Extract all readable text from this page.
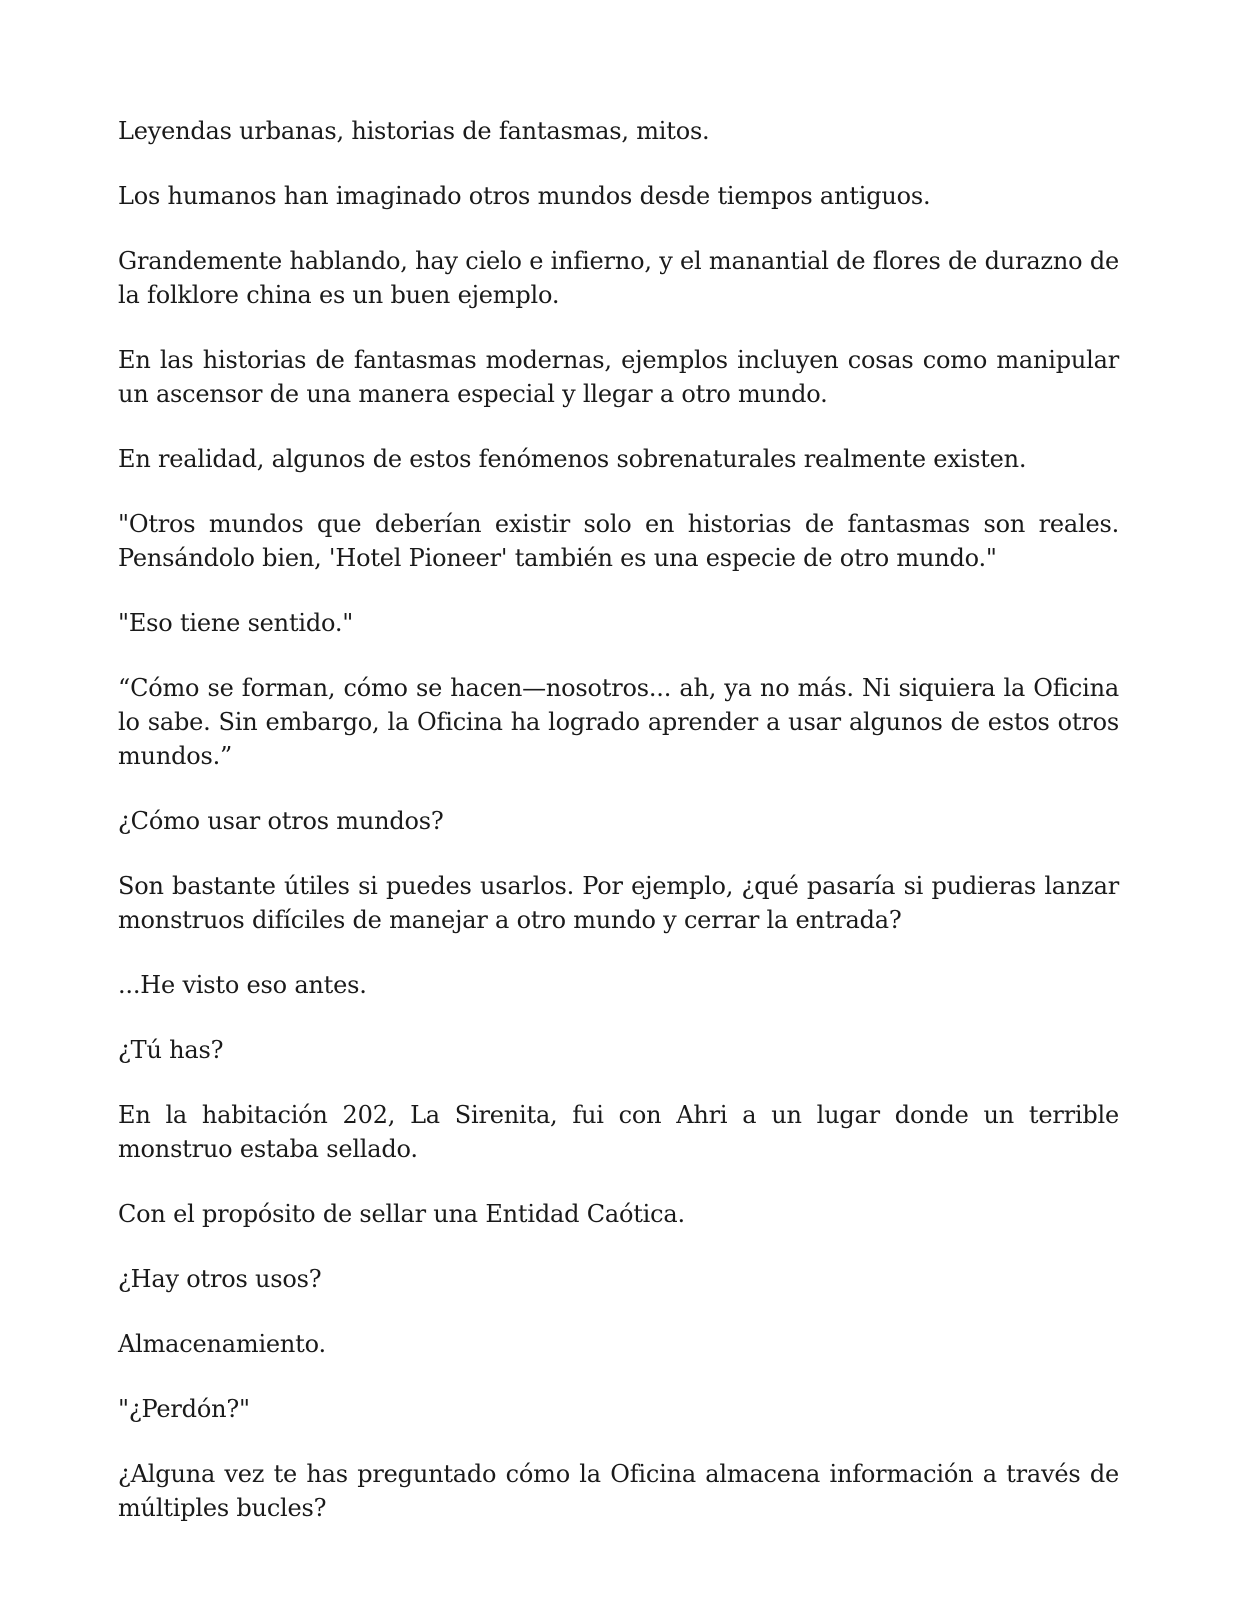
Leyendas urbanas, historias de fantasmas, mitos.

Los humanos han imaginado otros mundos desde tiempos antiguos.

Grandemente hablando, hay cielo e infierno, y el manantial de flores de durazno de la folklore china es un buen ejemplo.

En las historias de fantasmas modernas, ejemplos incluyen cosas como manipular un ascensor de una manera especial y llegar a otro mundo.

En realidad, algunos de estos fenómenos sobrenaturales realmente existen.

"Otros mundos que deberían existir solo en historias de fantasmas son reales. Pensándolo bien, 'Hotel Pioneer' también es una especie de otro mundo."

"Eso tiene sentido."

“Cómo se forman, cómo se hacen—nosotros... ah, ya no más. Ni siquiera la Oficina lo sabe. Sin embargo, la Oficina ha logrado aprender a usar algunos de estos otros mundos.”

¿Cómo usar otros mundos?

Son bastante útiles si puedes usarlos. Por ejemplo, ¿qué pasaría si pudieras lanzar monstruos difíciles de manejar a otro mundo y cerrar la entrada?

...He visto eso antes.

¿Tú has?

En la habitación 202, La Sirenita, fui con Ahri a un lugar donde un terrible monstruo estaba sellado.

Con el propósito de sellar una Entidad Caótica.

¿Hay otros usos?

Almacenamiento.

"¿Perdón?"

¿Alguna vez te has preguntado cómo la Oficina almacena información a través de múltiples bucles?
